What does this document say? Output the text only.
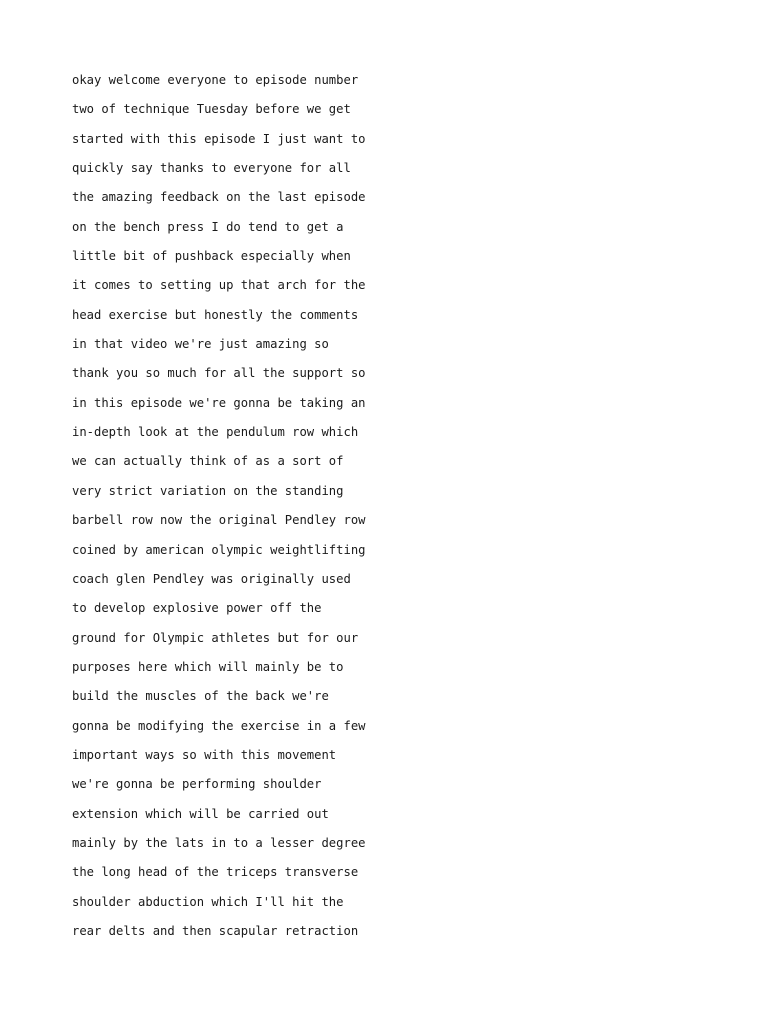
okay welcome everyone to episode number

two of technique Tuesday before we get

started with this episode I just want to

quickly say thanks to everyone for all

the amazing feedback on the last episode

on the bench press I do tend to get a

little bit of pushback especially when

it comes to setting up that arch for the

head exercise but honestly the comments

in that video we're just amazing so

thank you so much for all the support so

in this episode we're gonna be taking an

in-depth look at the pendulum row which

we can actually think of as a sort of

very strict variation on the standing

barbell row now the original Pendley row

coined by american olympic weightlifting

coach glen Pendley was originally used

to develop explosive power off the

ground for Olympic athletes but for our

purposes here which will mainly be to

build the muscles of the back we're

gonna be modifying the exercise in a few

important ways so with this movement

we're gonna be performing shoulder

extension which will be carried out

mainly by the lats in to a lesser degree

the long head of the triceps transverse

shoulder abduction which I'll hit the

rear delts and then scapular retraction
